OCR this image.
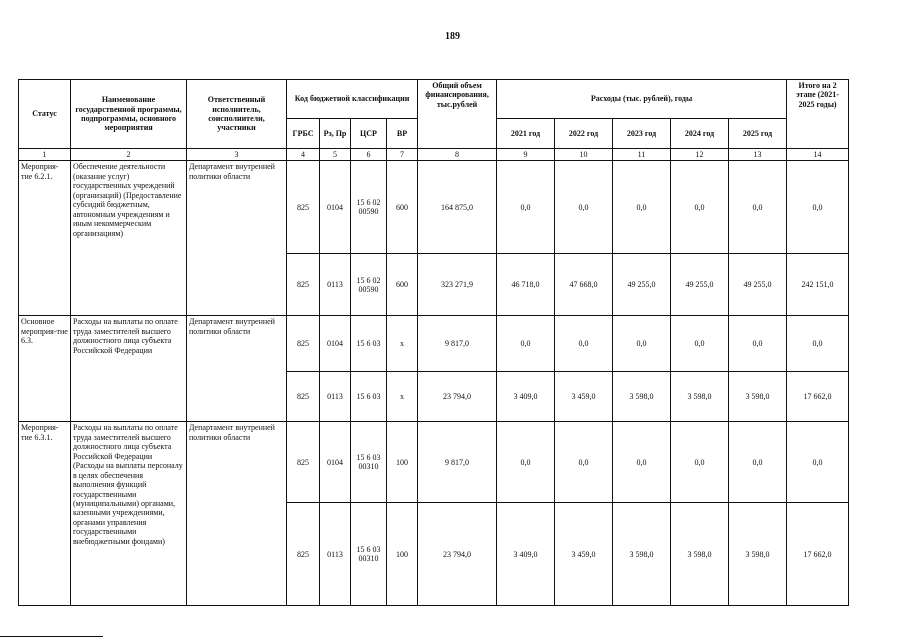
189
Статус	Наименование государственной программы, подпрограммы, основного мероприятия	Ответственный исполнитель, соисполнители, участники	Код бюджетной классификации				Общий объем финансирования, тыс.рублей	Расходы (тыс. рублей), годы					Итого на 2 этапе (2021-2025 годы)
			ГРБС	Рз, Пр	ЦСР	ВР		2021 год	2022 год	2023 год	2024 год	2025 год	
1	2	3	4	5	6	7	8	9	10	11	12	13	14
Мероприя-тие 6.2.1.	Обеспечение деятельности (оказание услуг) государственных учреждений (организаций) (Предоставление субсидий бюджетным, автономным учреждениям и иным некоммерческим организациям)	Департамент внутренней политики области	825	0104	15 6 02 00590	600	164 875,0	0,0	0,0	0,0	0,0	0,0	0,0
			825	0113	15 6 02 00590	600	323 271,9	46 718,0	47 668,0	49 255,0	49 255,0	49 255,0	242 151,0
Основное мероприя-тие 6.3.	Расходы на выплаты по оплате труда заместителей высшего должностного лица субъекта Российской Федерации	Департамент внутренней политики области	825	0104	15 6 03	х	9 817,0	0,0	0,0	0,0	0,0	0,0	0,0
			825	0113	15 6 03	х	23 794,0	3 409,0	3 459,0	3 598,0	3 598,0	3 598,0	17 662,0
Мероприя-тие 6.3.1.	Расходы на выплаты по оплате труда заместителей высшего должностного лица субъекта Российской Федерации (Расходы на выплаты персоналу в целях обеспечения выполнения функций государственными (муниципальными) органами, казенными учреждениями, органами управления государственными внебюджетными фондами)	Департамент внутренней политики области	825	0104	15 6 03 00310	100	9 817,0	0,0	0,0	0,0	0,0	0,0	0,0
			825	0113	15 6 03 00310	100	23 794,0	3 409,0	3 459,0	3 598,0	3 598,0	3 598,0	17 662,0
